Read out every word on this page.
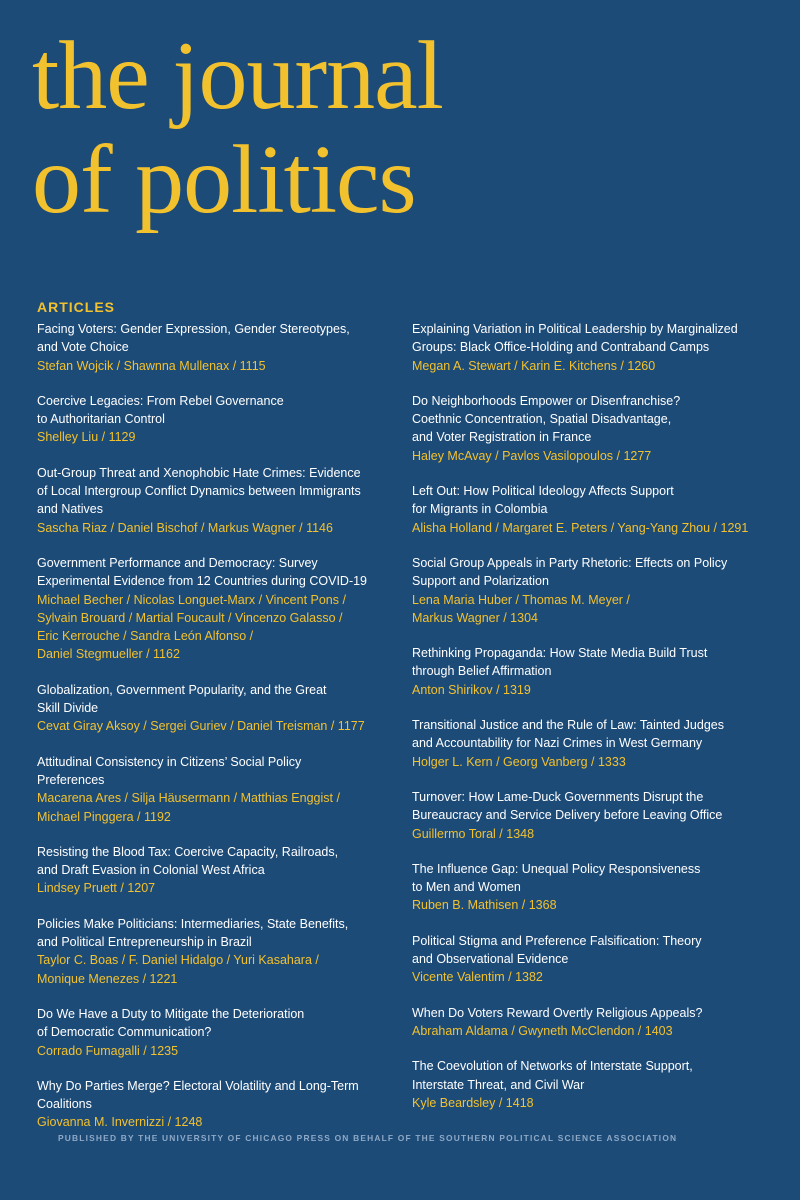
the journal
of politics
ARTICLES
Facing Voters: Gender Expression, Gender Stereotypes,
and Vote Choice
Stefan Wojcik / Shawnna Mullenax / 1115
Coercive Legacies: From Rebel Governance
to Authoritarian Control
Shelley Liu / 1129
Out-Group Threat and Xenophobic Hate Crimes: Evidence
of Local Intergroup Conflict Dynamics between Immigrants
and Natives
Sascha Riaz / Daniel Bischof / Markus Wagner / 1146
Government Performance and Democracy: Survey
Experimental Evidence from 12 Countries during COVID-19
Michael Becher / Nicolas Longuet-Marx / Vincent Pons /
Sylvain Brouard / Martial Foucault / Vincenzo Galasso /
Eric Kerrouche / Sandra León Alfonso /
Daniel Stegmueller / 1162
Globalization, Government Popularity, and the Great
Skill Divide
Cevat Giray Aksoy / Sergei Guriev / Daniel Treisman / 1177
Attitudinal Consistency in Citizens’ Social Policy
Preferences
Macarena Ares / Silja Häusermann / Matthias Enggist /
Michael Pinggera / 1192
Resisting the Blood Tax: Coercive Capacity, Railroads,
and Draft Evasion in Colonial West Africa
Lindsey Pruett / 1207
Policies Make Politicians: Intermediaries, State Benefits,
and Political Entrepreneurship in Brazil
Taylor C. Boas / F. Daniel Hidalgo / Yuri Kasahara /
Monique Menezes / 1221
Do We Have a Duty to Mitigate the Deterioration
of Democratic Communication?
Corrado Fumagalli / 1235
Why Do Parties Merge? Electoral Volatility and Long-Term
Coalitions
Giovanna M. Invernizzi / 1248
Explaining Variation in Political Leadership by Marginalized
Groups: Black Office-Holding and Contraband Camps
Megan A. Stewart / Karin E. Kitchens / 1260
Do Neighborhoods Empower or Disenfranchise?
Coethnic Concentration, Spatial Disadvantage,
and Voter Registration in France
Haley McAvay / Pavlos Vasilopoulos / 1277
Left Out: How Political Ideology Affects Support
for Migrants in Colombia
Alisha Holland / Margaret E. Peters / Yang-Yang Zhou / 1291
Social Group Appeals in Party Rhetoric: Effects on Policy
Support and Polarization
Lena Maria Huber / Thomas M. Meyer /
Markus Wagner / 1304
Rethinking Propaganda: How State Media Build Trust
through Belief Affirmation
Anton Shirikov / 1319
Transitional Justice and the Rule of Law: Tainted Judges
and Accountability for Nazi Crimes in West Germany
Holger L. Kern / Georg Vanberg / 1333
Turnover: How Lame-Duck Governments Disrupt the
Bureaucracy and Service Delivery before Leaving Office
Guillermo Toral / 1348
The Influence Gap: Unequal Policy Responsiveness
to Men and Women
Ruben B. Mathisen / 1368
Political Stigma and Preference Falsification: Theory
and Observational Evidence
Vicente Valentim / 1382
When Do Voters Reward Overtly Religious Appeals?
Abraham Aldama / Gwyneth McClendon / 1403
The Coevolution of Networks of Interstate Support,
Interstate Threat, and Civil War
Kyle Beardsley / 1418
PUBLISHED BY THE UNIVERSITY OF CHICAGO PRESS ON BEHALF OF THE SOUTHERN POLITICAL SCIENCE ASSOCIATION
